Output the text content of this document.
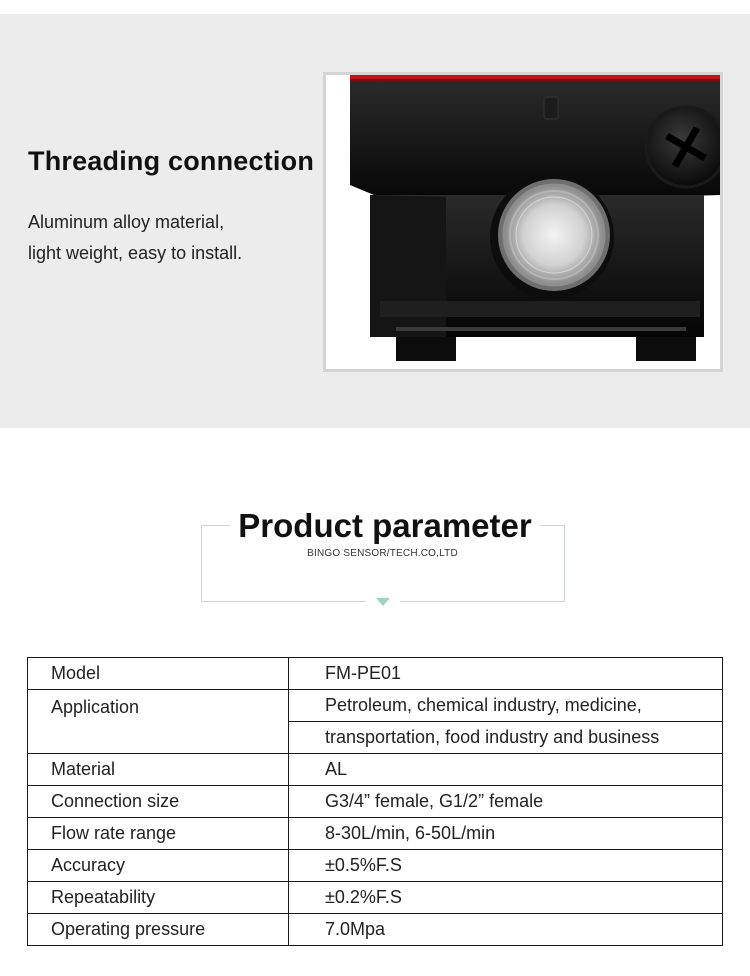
Threading connection
Aluminum alloy material,
light weight, easy to install.
Product parameter
BINGO SENSOR/TECH.CO,LTD
Model	FM-PE01
Application	Petroleum, chemical industry, medicine,
	transportation, food industry and business
Material	AL
Connection size	G3/4” female, G1/2” female
Flow rate range	8-30L/min, 6-50L/min
Accuracy	±0.5%F.S
Repeatability	±0.2%F.S
Operating pressure	7.0Mpa
